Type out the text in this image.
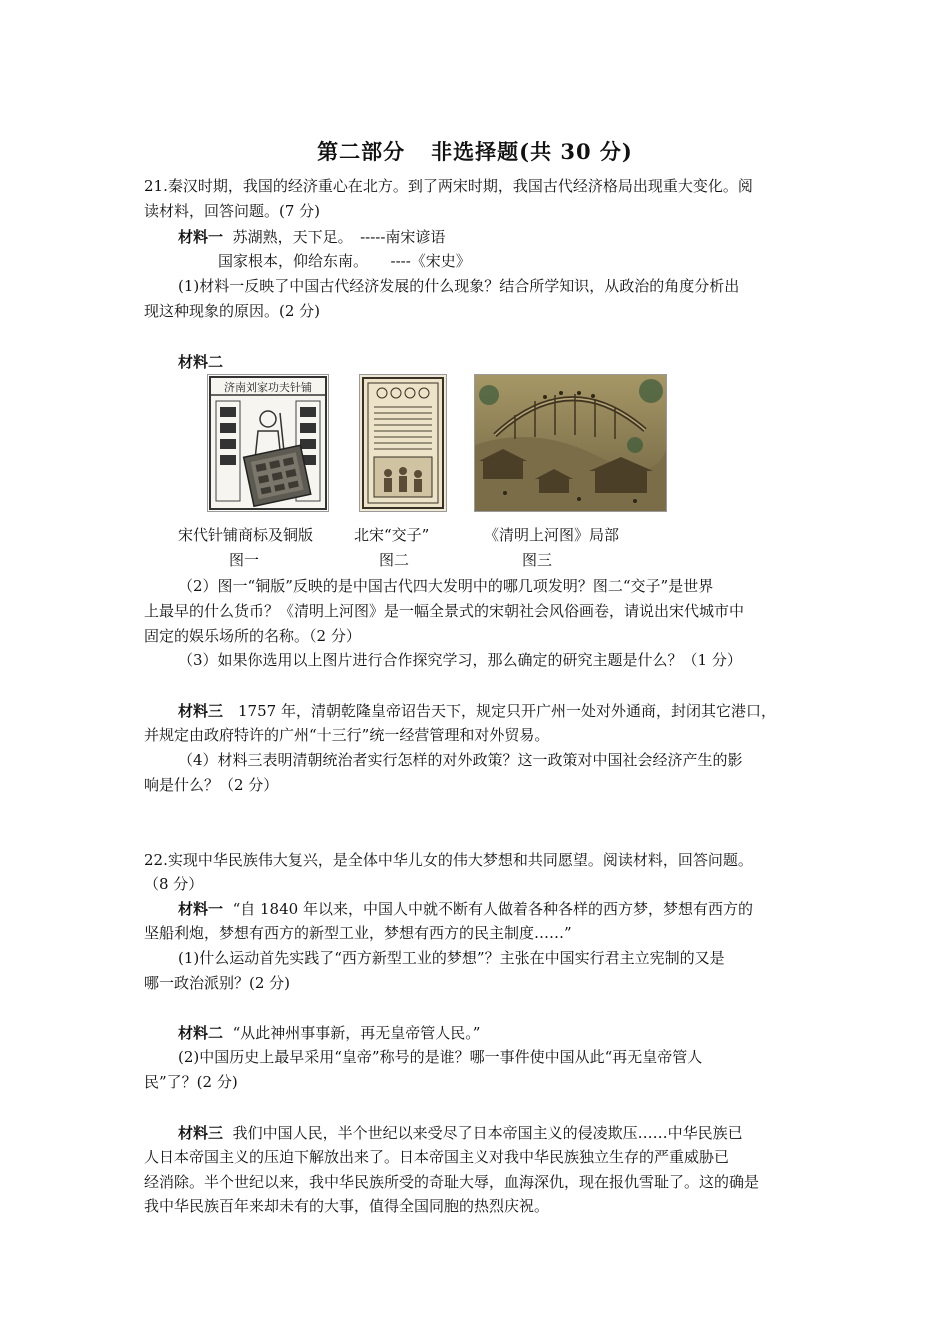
第二部分 非选择题(共 30 分)
21.秦汉时期，我国的经济重心在北方。到了两宋时期，我国古代经济格局出现重大变化。阅
读材料，回答问题。(7 分)
材料一 苏湖熟，天下足。　-----南宋谚语
国家根本，仰给东南。　　----《宋史》
(1)材料一反映了中国古代经济发展的什么现象？结合所学知识，从政治的角度分析出
现这种现象的原因。(2 分)
材料二
济南刘家功夫针铺
宋代针铺商标及铜版	北宋“交子”	《清明上河图》局部
图一	图二	图三
（2）图一“铜版”反映的是中国古代四大发明中的哪几项发明？图二“交子”是世界
上最早的什么货币？《清明上河图》是一幅全景式的宋朝社会风俗画卷，请说出宋代城市中
固定的娱乐场所的名称。（2 分）
（3）如果你选用以上图片进行合作探究学习，那么确定的研究主题是什么？（1 分）
材料三　1757 年，清朝乾隆皇帝诏告天下，规定只开广州一处对外通商，封闭其它港口，
并规定由政府特许的广州“十三行”统一经营管理和对外贸易。
（4）材料三表明清朝统治者实行怎样的对外政策？这一政策对中国社会经济产生的影
响是什么？（2 分）
22.实现中华民族伟大复兴，是全体中华儿女的伟大梦想和共同愿望。阅读材料，回答问题。
（8 分）
材料一 “自 1840 年以来，中国人中就不断有人做着各种各样的西方梦，梦想有西方的
坚船利炮，梦想有西方的新型工业，梦想有西方的民主制度……”
(1)什么运动首先实践了“西方新型工业的梦想”？主张在中国实行君主立宪制的又是
哪一政治派别？(2 分)
材料二 “从此神州事事新，再无皇帝管人民。”
(2)中国历史上最早采用“皇帝”称号的是谁？哪一事件使中国从此“再无皇帝管人
民”了？(2 分)
材料三 我们中国人民，半个世纪以来受尽了日本帝国主义的侵凌欺压……中华民族已
人日本帝国主义的压迫下解放出来了。日本帝国主义对我中华民族独立生存的严重威胁已
经消除。半个世纪以来，我中华民族所受的奇耻大辱，血海深仇，现在报仇雪耻了。这的确是
我中华民族百年来却未有的大事，值得全国同胞的热烈庆祝。
